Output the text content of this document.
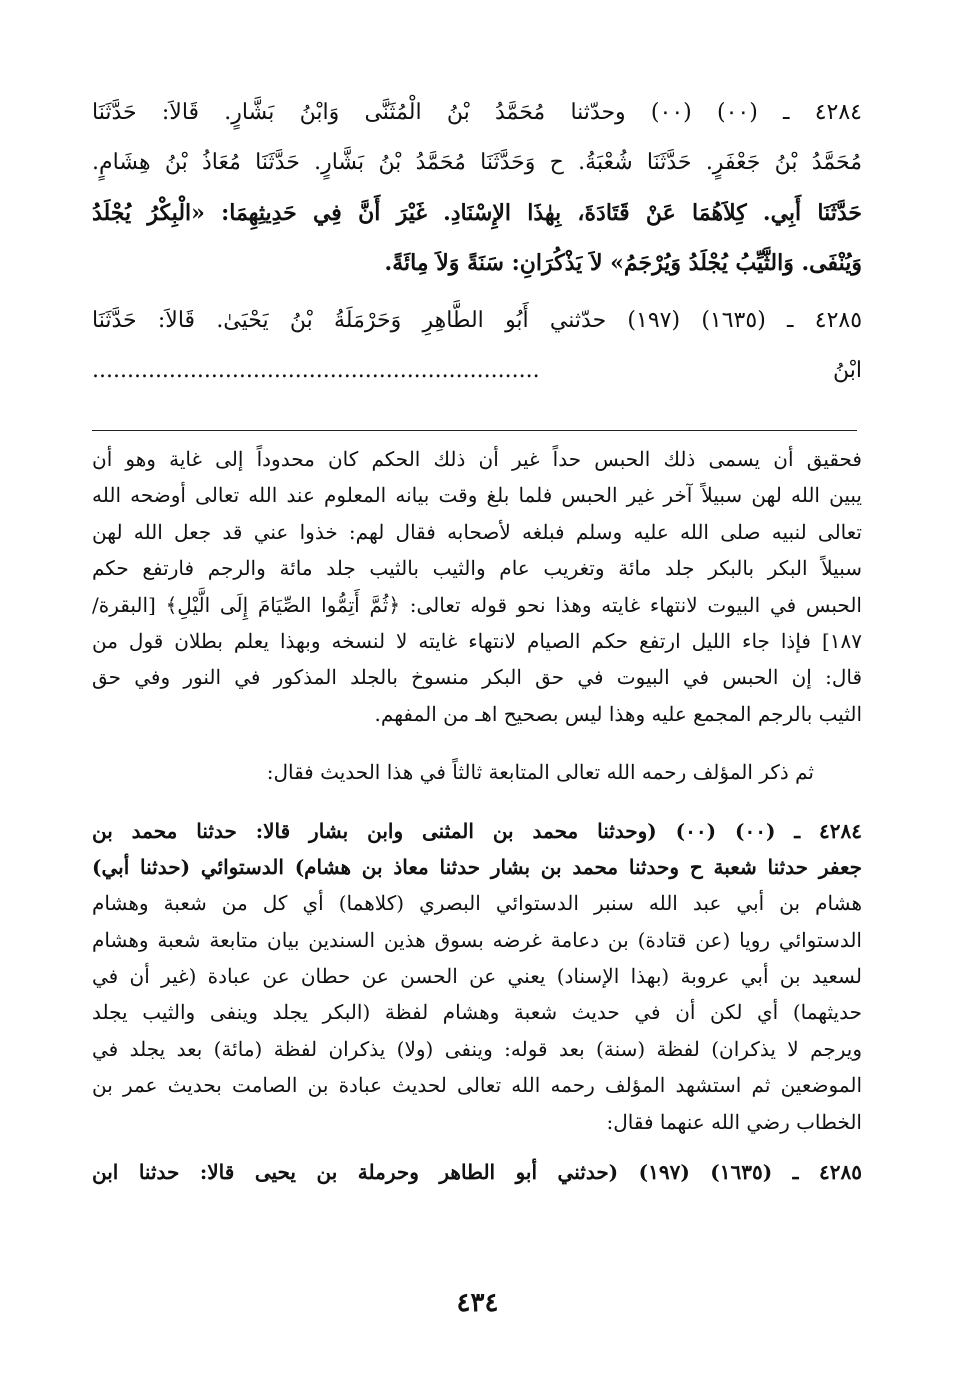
٤٢٨٤ ـ (٠٠) (٠٠) وحدّثنا مُحَمَّدُ بْنُ الْمُثَنَّى وَابْنُ بَشَّارٍ. قَالاَ: حَدَّثَنَا

مُحَمَّدُ بْنُ جَعْفَرٍ. حَدَّثَنَا شُعْبَةُ. ح وَحَدَّثَنَا مُحَمَّدُ بْنُ بَشَّارٍ. حَدَّثَنَا مُعَاذُ بْنُ هِشَامٍ.

حَدَّثَنَا أَبِي. كِلاَهُمَا عَنْ قَتَادَةَ، بِهٰذَا الإِسْنَادِ. غَيْرَ أَنَّ فِي حَدِيثِهِمَا: «الْبِكْرُ يُجْلَدُ

وَيُنْفَى. وَالثَّيِّبُ يُجْلَدُ وَيُرْجَمُ» لاَ يَذْكُرَانِ: سَنَةً وَلاَ مِائَةً.

٤٢٨٥ ـ (١٦٣٥) (١٩٧) حدّثني أَبُو الطَّاهِرِ وَحَرْمَلَةُ بْنُ يَحْيَىٰ. قَالاَ: حَدَّثَنَا

ابْنُ ................................................................

فحقيق أن يسمى ذلك الحبس حداً غير أن ذلك الحكم كان محدوداً إلى غاية وهو أن

يبين الله لهن سبيلاً آخر غير الحبس فلما بلغ وقت بيانه المعلوم عند الله تعالى أوضحه الله

تعالى لنبيه صلى الله عليه وسلم فبلغه لأصحابه فقال لهم: خذوا عني قد جعل الله لهن

سبيلاً البكر بالبكر جلد مائة وتغريب عام والثيب بالثيب جلد مائة والرجم فارتفع حكم

الحبس في البيوت لانتهاء غايته وهذا نحو قوله تعالى: ﴿ثُمَّ أَتِمُّوا الصِّيَامَ إِلَى الَّيْلِ﴾ [البقرة/

١٨٧] فإذا جاء الليل ارتفع حكم الصيام لانتهاء غايته لا لنسخه وبهذا يعلم بطلان قول من

قال: إن الحبس في البيوت في حق البكر منسوخ بالجلد المذكور في النور وفي حق

الثيب بالرجم المجمع عليه وهذا ليس بصحيح اهـ من المفهم.

ثم ذكر المؤلف رحمه الله تعالى المتابعة ثالثاً في هذا الحديث فقال:

٤٢٨٤ ـ (٠٠) (٠٠) (وحدثنا محمد بن المثنى وابن بشار قالا: حدثنا محمد بن

جعفر حدثنا شعبة ح وحدثنا محمد بن بشار حدثنا معاذ بن هشام) الدستوائي (حدثنا أبي)

هشام بن أبي عبد الله سنبر الدستوائي البصري (كلاهما) أي كل من شعبة وهشام

الدستوائي رويا (عن قتادة) بن دعامة غرضه بسوق هذين السندين بيان متابعة شعبة وهشام

لسعيد بن أبي عروبة (بهذا الإسناد) يعني عن الحسن عن حطان عن عبادة (غير أن في

حديثهما) أي لكن أن في حديث شعبة وهشام لفظة (البكر يجلد وينفى والثيب يجلد

ويرجم لا يذكران) لفظة (سنة) بعد قوله: وينفى (ولا) يذكران لفظة (مائة) بعد يجلد في

الموضعين ثم استشهد المؤلف رحمه الله تعالى لحديث عبادة بن الصامت بحديث عمر بن

الخطاب رضي الله عنهما فقال:

٤٢٨٥ ـ (١٦٣٥) (١٩٧) (حدثني أبو الطاهر وحرملة بن يحيى قالا: حدثنا ابن

٤٣٤
